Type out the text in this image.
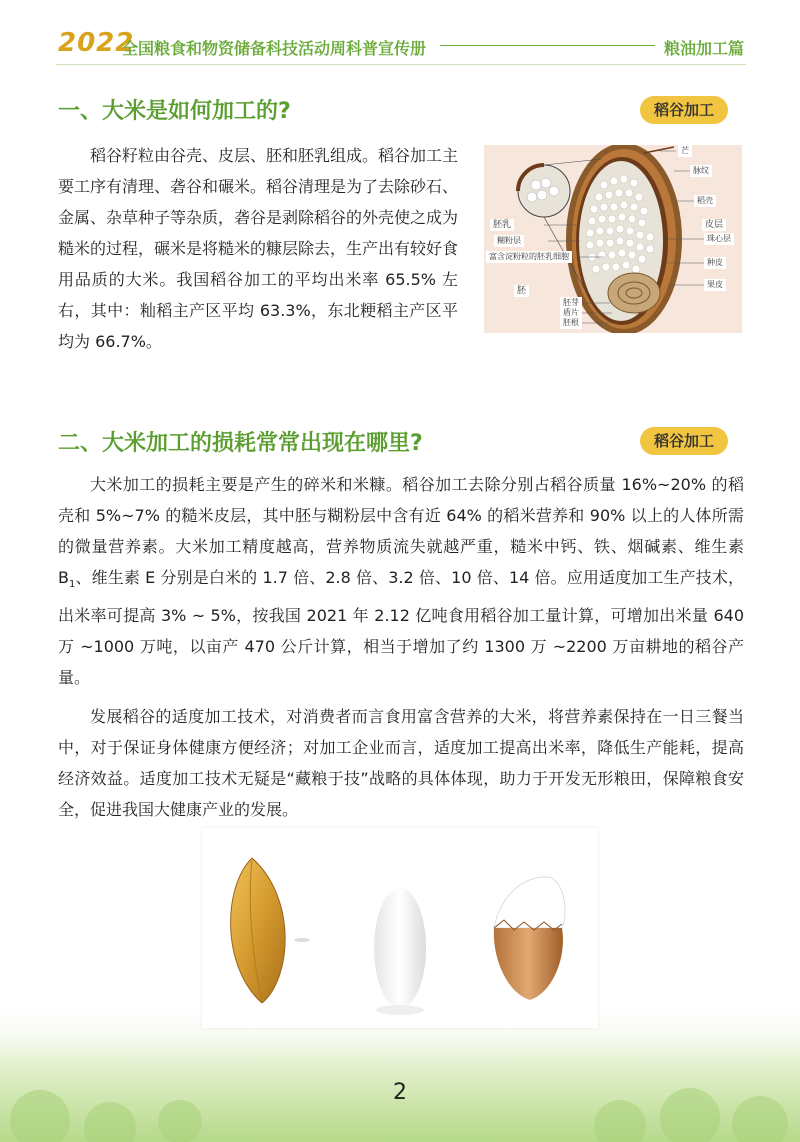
2022
全国粮食和物资储备科技活动周科普宣传册	粮油加工篇
一、大米是如何加工的?	稻谷加工

稻谷籽粒由谷壳、皮层、胚和胚乳组成。稻谷加工主要工序有清理、砻谷和碾米。稻谷清理是为了去除砂石、金属、杂草种子等杂质，砻谷是剥除稻谷的外壳使之成为糙米的过程，碾米是将糙米的糠层除去，生产出有较好食用品质的大米。我国稻谷加工的平均出米率 65.5% 左右，其中：籼稻主产区平均 63.3%，东北粳稻主产区平均为 66.7%。

芒
脉纹
稻壳
皮层
珠心层
种皮
果皮
胚乳
糊粉层
富含淀粉粒的胚乳细胞
胚
胚芽
盾片
胚根
二、大米加工的损耗常常出现在哪里?	稻谷加工

大米加工的损耗主要是产生的碎米和米糠。稻谷加工去除分别占稻谷质量 16%~20% 的稻壳和 5%~7% 的糙米皮层，其中胚与糊粉层中含有近 64% 的稻米营养和 90% 以上的人体所需的微量营养素。大米加工精度越高，营养物质流失就越严重，糙米中钙、铁、烟碱素、维生素 $B_1$、维生素 E 分别是白米的 1.7 倍、2.8 倍、3.2 倍、10 倍、14 倍。应用适度加工生产技术，出米率可提高 3% ~ 5%，按我国 2021 年 2.12 亿吨食用稻谷加工量计算，可增加出米量 640 万 ~1000 万吨，以亩产 470 公斤计算，相当于增加了约 1300 万 ~2200 万亩耕地的稻谷产量。

发展稻谷的适度加工技术，对消费者而言食用富含营养的大米，将营养素保持在一日三餐当中，对于保证身体健康方便经济；对加工企业而言，适度加工提高出米率，降低生产能耗，提高经济效益。适度加工技术无疑是“藏粮于技”战略的具体体现，助力于开发无形粮田，保障粮食安全，促进我国大健康产业的发展。

2
